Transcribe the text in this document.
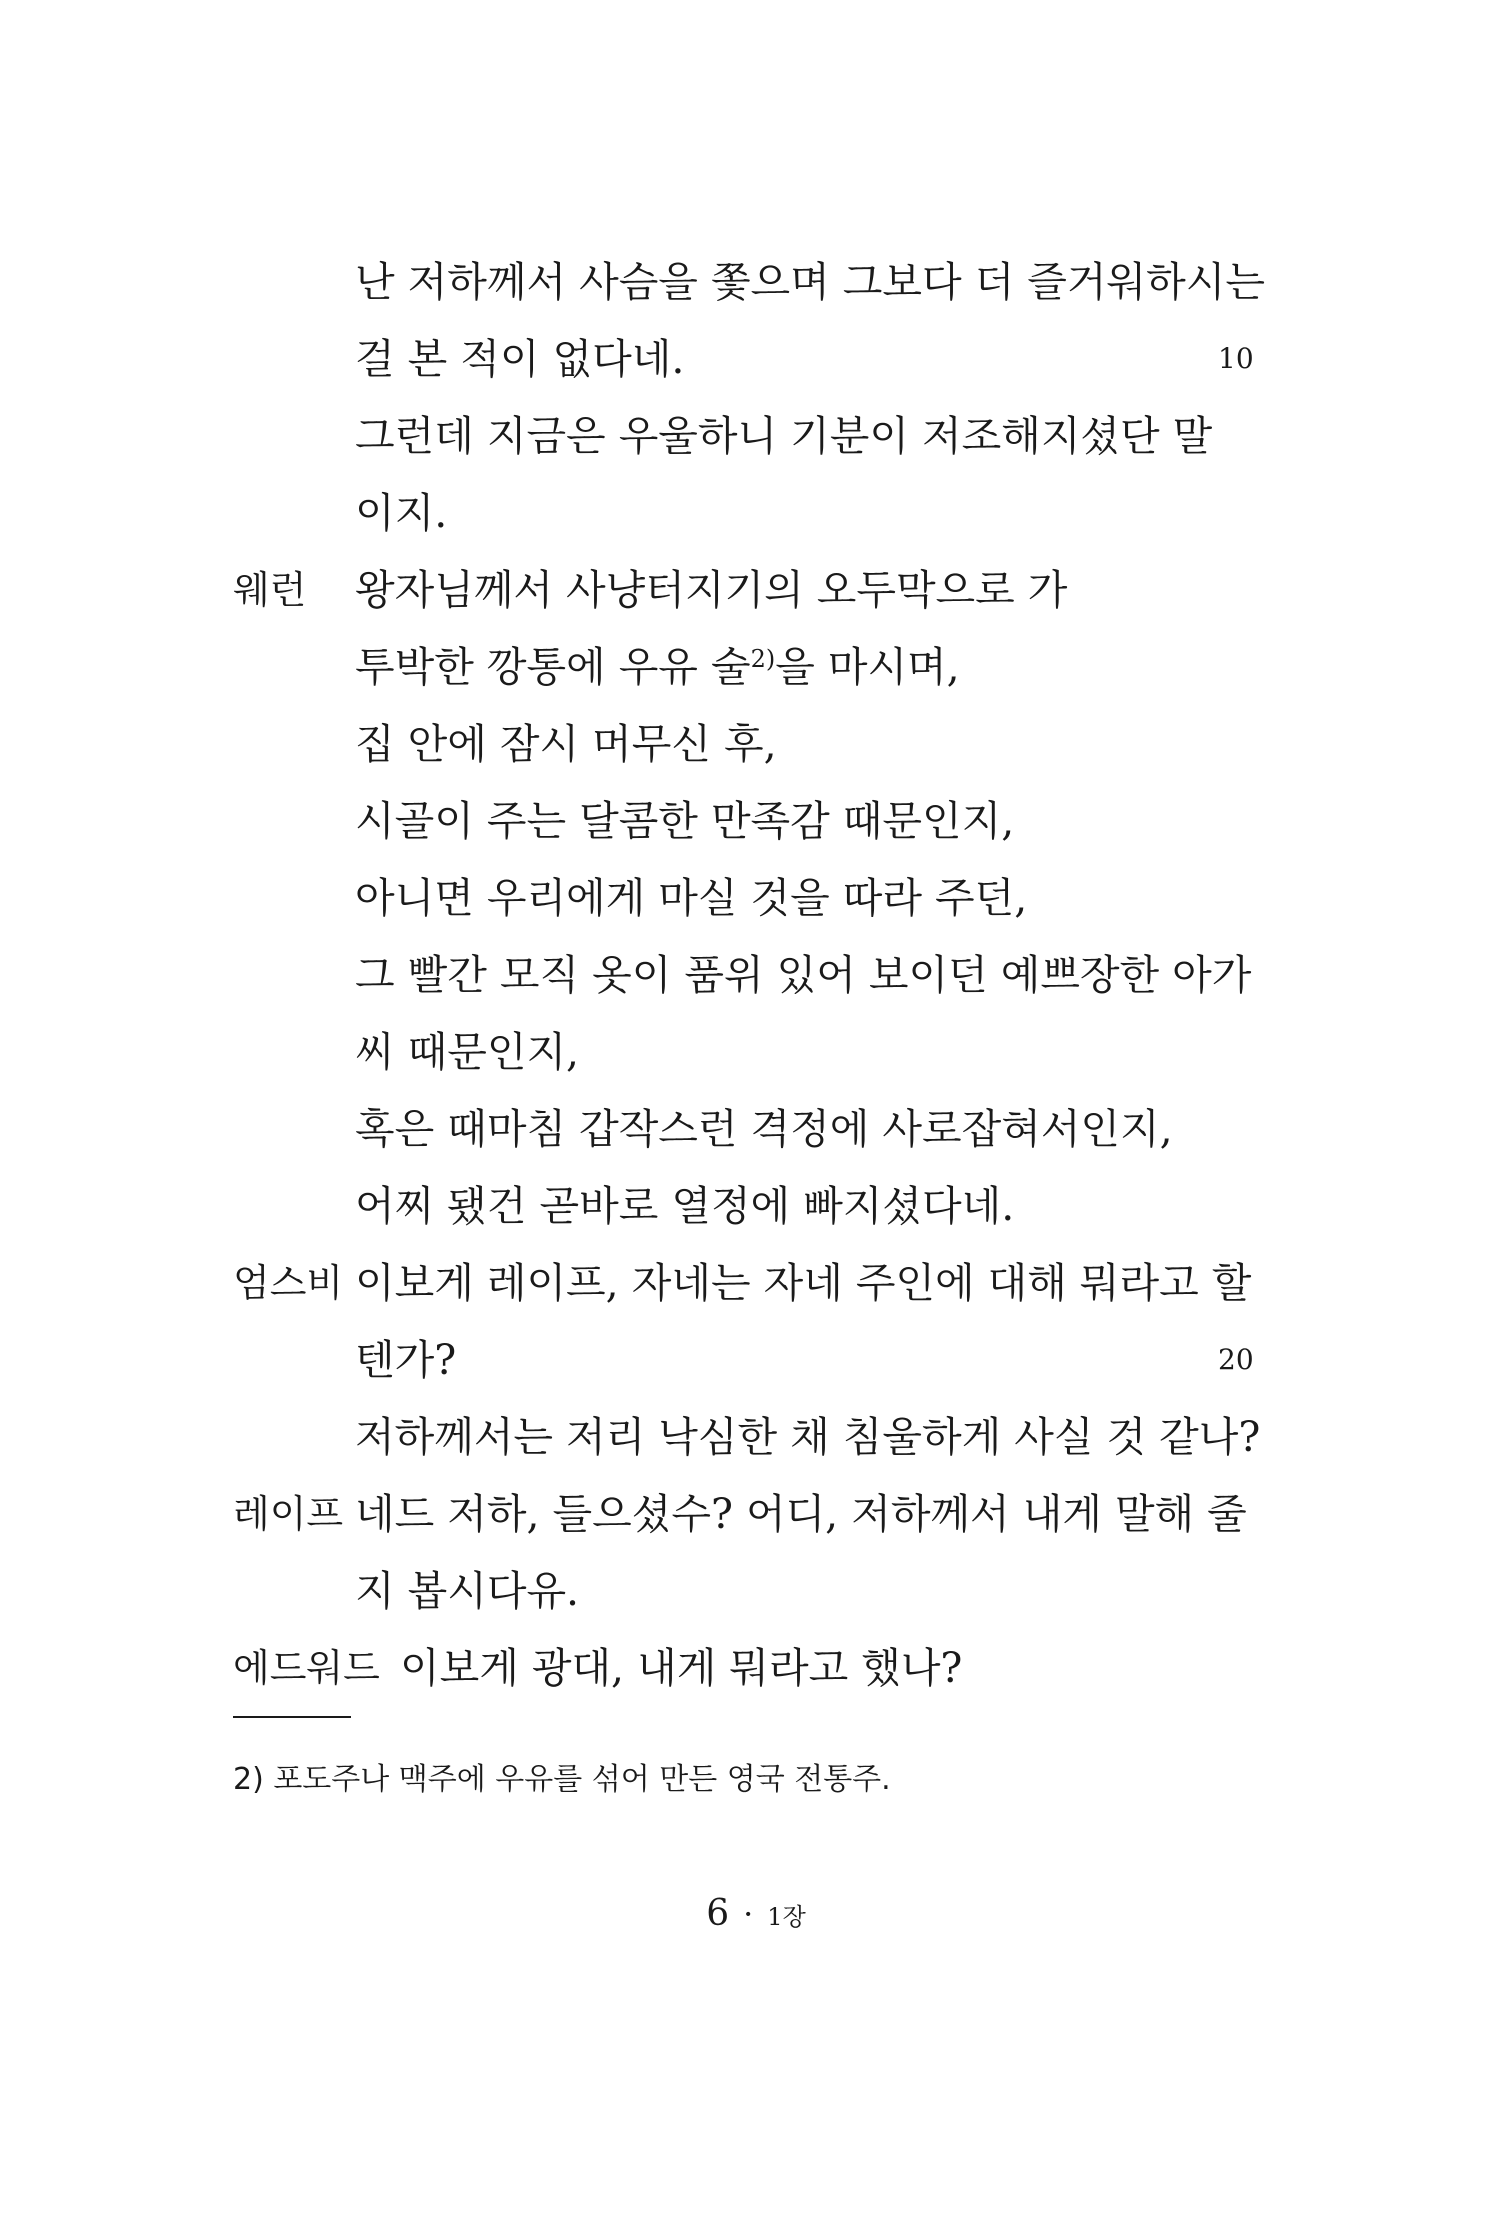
난 저하께서 사슴을 쫓으며 그보다 더 즐거워하시는
걸 본 적이 없다네.	10
그런데 지금은 우울하니 기분이 저조해지셨단 말
이지.
웨런 왕자님께서 사냥터지기의 오두막으로 가
투박한 깡통에 우유 술$^{2)}$을 마시며,
집 안에 잠시 머무신 후,
시골이 주는 달콤한 만족감 때문인지,
아니면 우리에게 마실 것을 따라 주던,
그 빨간 모직 옷이 품위 있어 보이던 예쁘장한 아가
씨 때문인지,
혹은 때마침 갑작스런 격정에 사로잡혀서인지,
어찌 됐건 곧바로 열정에 빠지셨다네.
엄스비 이보게 레이프, 자네는 자네 주인에 대해 뭐라고 할
텐가?	20
저하께서는 저리 낙심한 채 침울하게 사실 것 같나?
레이프 네드 저하, 들으셨수? 어디, 저하께서 내게 말해 줄
지 봅시다유.
에드워드 이보게 광대, 내게 뭐라고 했나?
2) 포도주나 맥주에 우유를 섞어 만든 영국 전통주.
6 · 1장
